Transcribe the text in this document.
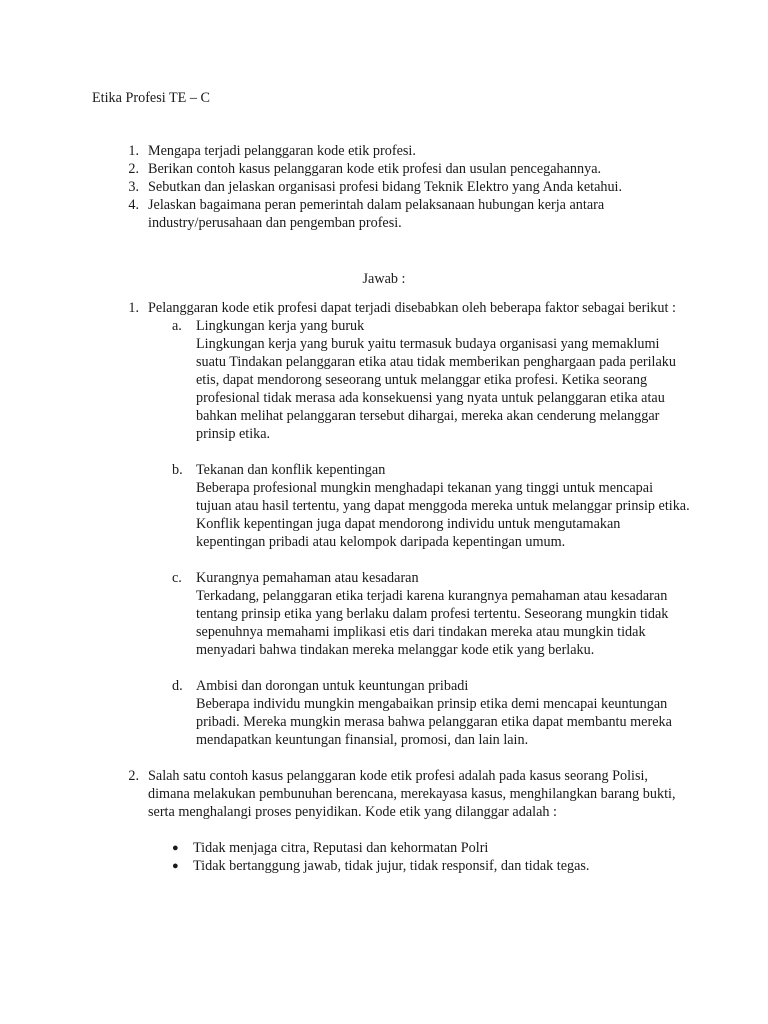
Etika Profesi TE – C
1. Mengapa terjadi pelanggaran kode etik profesi.
2. Berikan contoh kasus pelanggaran kode etik profesi dan usulan pencegahannya.
3. Sebutkan dan jelaskan organisasi profesi bidang Teknik Elektro yang Anda ketahui.
4. Jelaskan bagaimana peran pemerintah dalam pelaksanaan hubungan kerja antara industry/perusahaan dan pengemban profesi.
Jawab :
1. Pelanggaran kode etik profesi dapat terjadi disebabkan oleh beberapa faktor sebagai berikut :
a. Lingkungan kerja yang buruk
Lingkungan kerja yang buruk yaitu termasuk budaya organisasi yang memaklumi suatu Tindakan pelanggaran etika atau tidak memberikan penghargaan pada perilaku etis, dapat mendorong seseorang untuk melanggar etika profesi. Ketika seorang profesional tidak merasa ada konsekuensi yang nyata untuk pelanggaran etika atau bahkan melihat pelanggaran tersebut dihargai, mereka akan cenderung melanggar prinsip etika.
b. Tekanan dan konflik kepentingan
Beberapa profesional mungkin menghadapi tekanan yang tinggi untuk mencapai tujuan atau hasil tertentu, yang dapat menggoda mereka untuk melanggar prinsip etika. Konflik kepentingan juga dapat mendorong individu untuk mengutamakan kepentingan pribadi atau kelompok daripada kepentingan umum.
c. Kurangnya pemahaman atau kesadaran
Terkadang, pelanggaran etika terjadi karena kurangnya pemahaman atau kesadaran tentang prinsip etika yang berlaku dalam profesi tertentu. Seseorang mungkin tidak sepenuhnya memahami implikasi etis dari tindakan mereka atau mungkin tidak menyadari bahwa tindakan mereka melanggar kode etik yang berlaku.
d. Ambisi dan dorongan untuk keuntungan pribadi
Beberapa individu mungkin mengabaikan prinsip etika demi mencapai keuntungan pribadi. Mereka mungkin merasa bahwa pelanggaran etika dapat membantu mereka mendapatkan keuntungan finansial, promosi, dan lain lain.
2. Salah satu contoh kasus pelanggaran kode etik profesi adalah pada kasus seorang Polisi, dimana melakukan pembunuhan berencana, merekayasa kasus, menghilangkan barang bukti, serta menghalangi proses penyidikan. Kode etik yang dilanggar adalah :
●	Tidak menjaga citra, Reputasi dan kehormatan Polri
●	Tidak bertanggung jawab, tidak jujur, tidak responsif, dan tidak tegas.
